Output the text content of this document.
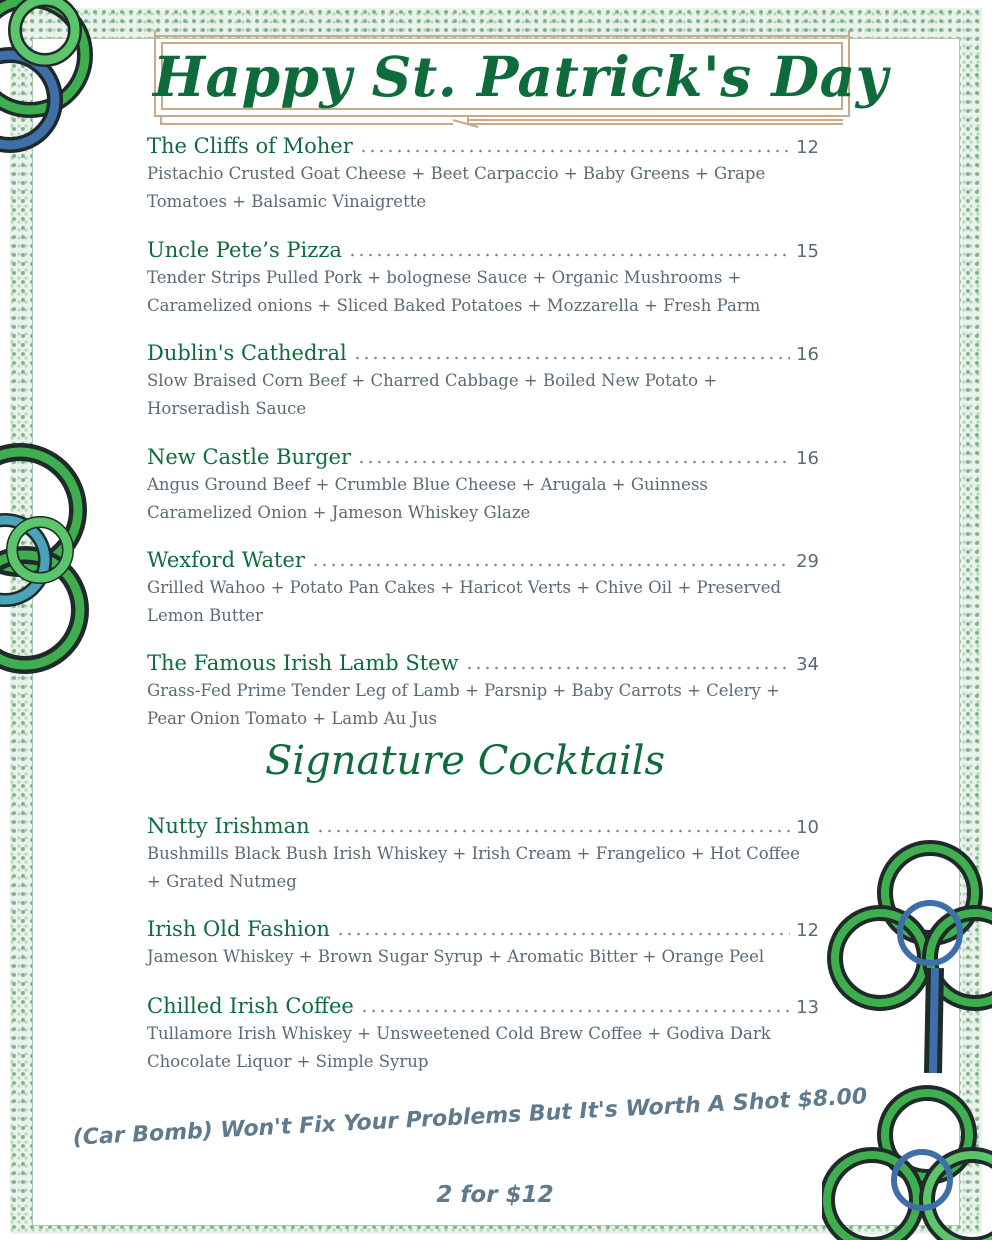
Happy St. Patrick's Day
The Cliffs of Moher	12
Pistachio Crusted Goat Cheese + Beet Carpaccio + Baby Greens + Grape Tomatoes + Balsamic Vinaigrette
Uncle Pete’s Pizza	15
Tender Strips Pulled Pork + bolognese Sauce + Organic Mushrooms + Caramelized onions + Sliced Baked Potatoes + Mozzarella + Fresh Parm
Dublin's Cathedral	16
Slow Braised Corn Beef + Charred Cabbage + Boiled New Potato + Horseradish Sauce
New Castle Burger	16
Angus Ground Beef + Crumble Blue Cheese + Arugala + Guinness Caramelized Onion + Jameson Whiskey Glaze
Wexford Water	29
Grilled Wahoo + Potato Pan Cakes + Haricot Verts + Chive Oil + Preserved Lemon Butter
The Famous Irish Lamb Stew	34
Grass-Fed Prime Tender Leg of Lamb + Parsnip + Baby Carrots + Celery + Pear Onion Tomato + Lamb Au Jus
Signature Cocktails
Nutty Irishman	10
Bushmills Black Bush Irish Whiskey + Irish Cream + Frangelico + Hot Coffee + Grated Nutmeg
Irish Old Fashion	12
Jameson Whiskey + Brown Sugar Syrup + Aromatic Bitter + Orange Peel
Chilled Irish Coffee	13
Tullamore Irish Whiskey + Unsweetened Cold Brew Coffee + Godiva Dark Chocolate Liquor + Simple Syrup
(Car Bomb) Won't Fix Your Problems But It's Worth A Shot $8.00
2 for $12
